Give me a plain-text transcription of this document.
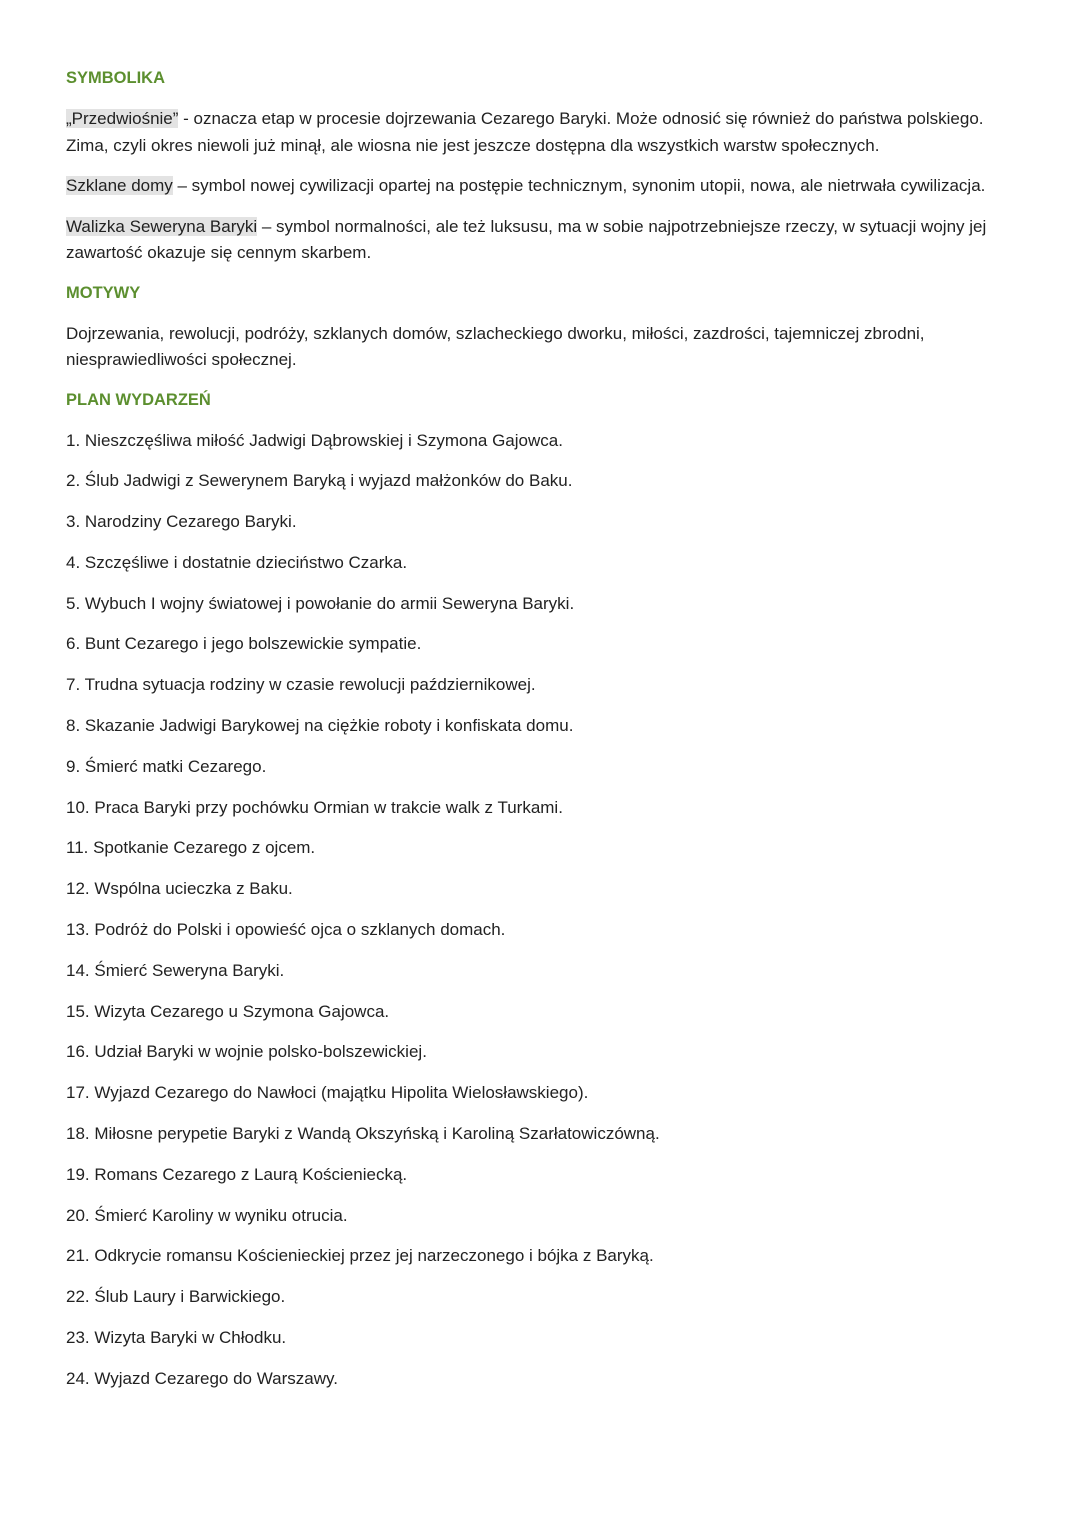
SYMBOLIKA

„Przedwiośnie” - oznacza etap w procesie dojrzewania Cezarego Baryki. Może odnosić się również do państwa polskiego. Zima, czyli okres niewoli już minął, ale wiosna nie jest jeszcze dostępna dla wszystkich warstw społecznych.

Szklane domy – symbol nowej cywilizacji opartej na postępie technicznym, synonim utopii, nowa, ale nietrwała cywilizacja.

Walizka Seweryna Baryki – symbol normalności, ale też luksusu, ma w sobie najpotrzebniejsze rzeczy, w sytuacji wojny jej zawartość okazuje się cennym skarbem.

MOTYWY

Dojrzewania, rewolucji, podróży, szklanych domów, szlacheckiego dworku, miłości, zazdrości, tajemniczej zbrodni, niesprawiedliwości społecznej.

PLAN WYDARZEŃ
1. Nieszczęśliwa miłość Jadwigi Dąbrowskiej i Szymona Gajowca.
2. Ślub Jadwigi z Sewerynem Baryką i wyjazd małżonków do Baku.
3. Narodziny Cezarego Baryki.
4. Szczęśliwe i dostatnie dzieciństwo Czarka.
5. Wybuch I wojny światowej i powołanie do armii Seweryna Baryki.
6. Bunt Cezarego i jego bolszewickie sympatie.
7. Trudna sytuacja rodziny w czasie rewolucji październikowej.
8. Skazanie Jadwigi Barykowej na ciężkie roboty i konfiskata domu.
9. Śmierć matki Cezarego.
10. Praca Baryki przy pochówku Ormian w trakcie walk z Turkami.
11. Spotkanie Cezarego z ojcem.
12. Wspólna ucieczka z Baku.
13. Podróż do Polski i opowieść ojca o szklanych domach.
14. Śmierć Seweryna Baryki.
15. Wizyta Cezarego u Szymona Gajowca.
16. Udział Baryki w wojnie polsko-bolszewickiej.
17. Wyjazd Cezarego do Nawłoci (majątku Hipolita Wielosławskiego).
18. Miłosne perypetie Baryki z Wandą Okszyńską i Karoliną Szarłatowiczówną.
19. Romans Cezarego z Laurą Kościeniecką.
20. Śmierć Karoliny w wyniku otrucia.
21. Odkrycie romansu Kościenieckiej przez jej narzeczonego i bójka z Baryką.
22. Ślub Laury i Barwickiego.
23. Wizyta Baryki w Chłodku.
24. Wyjazd Cezarego do Warszawy.
